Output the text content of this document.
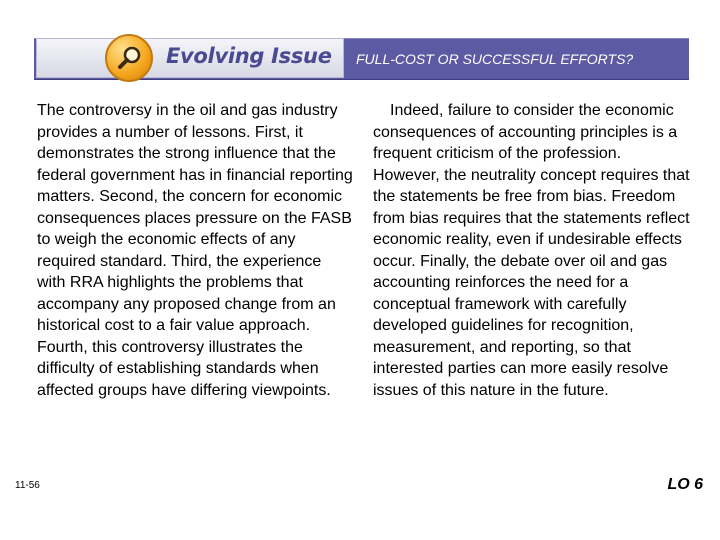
Evolving Issue FULL-COST OR SUCCESSFUL EFFORTS?

The controversy in the oil and gas industry provides a number of lessons. First, it demonstrates the strong influence that the federal government has in financial reporting matters. Second, the concern for economic consequences places pressure on the FASB to weigh the economic effects of any required standard. Third, the experience with RRA highlights the problems that accompany any proposed change from an historical cost to a fair value approach. Fourth, this controversy illustrates the difficulty of establishing standards when affected groups have differing viewpoints.

Indeed, failure to consider the economic consequences of accounting principles is a frequent criticism of the profession. However, the neutrality concept requires that the statements be free from bias. Freedom from bias requires that the statements reflect economic reality, even if undesirable effects occur. Finally, the debate over oil and gas accounting reinforces the need for a conceptual framework with carefully developed guidelines for recognition, measurement, and reporting, so that interested parties can more easily resolve issues of this nature in the future.

11-56	LO 6
